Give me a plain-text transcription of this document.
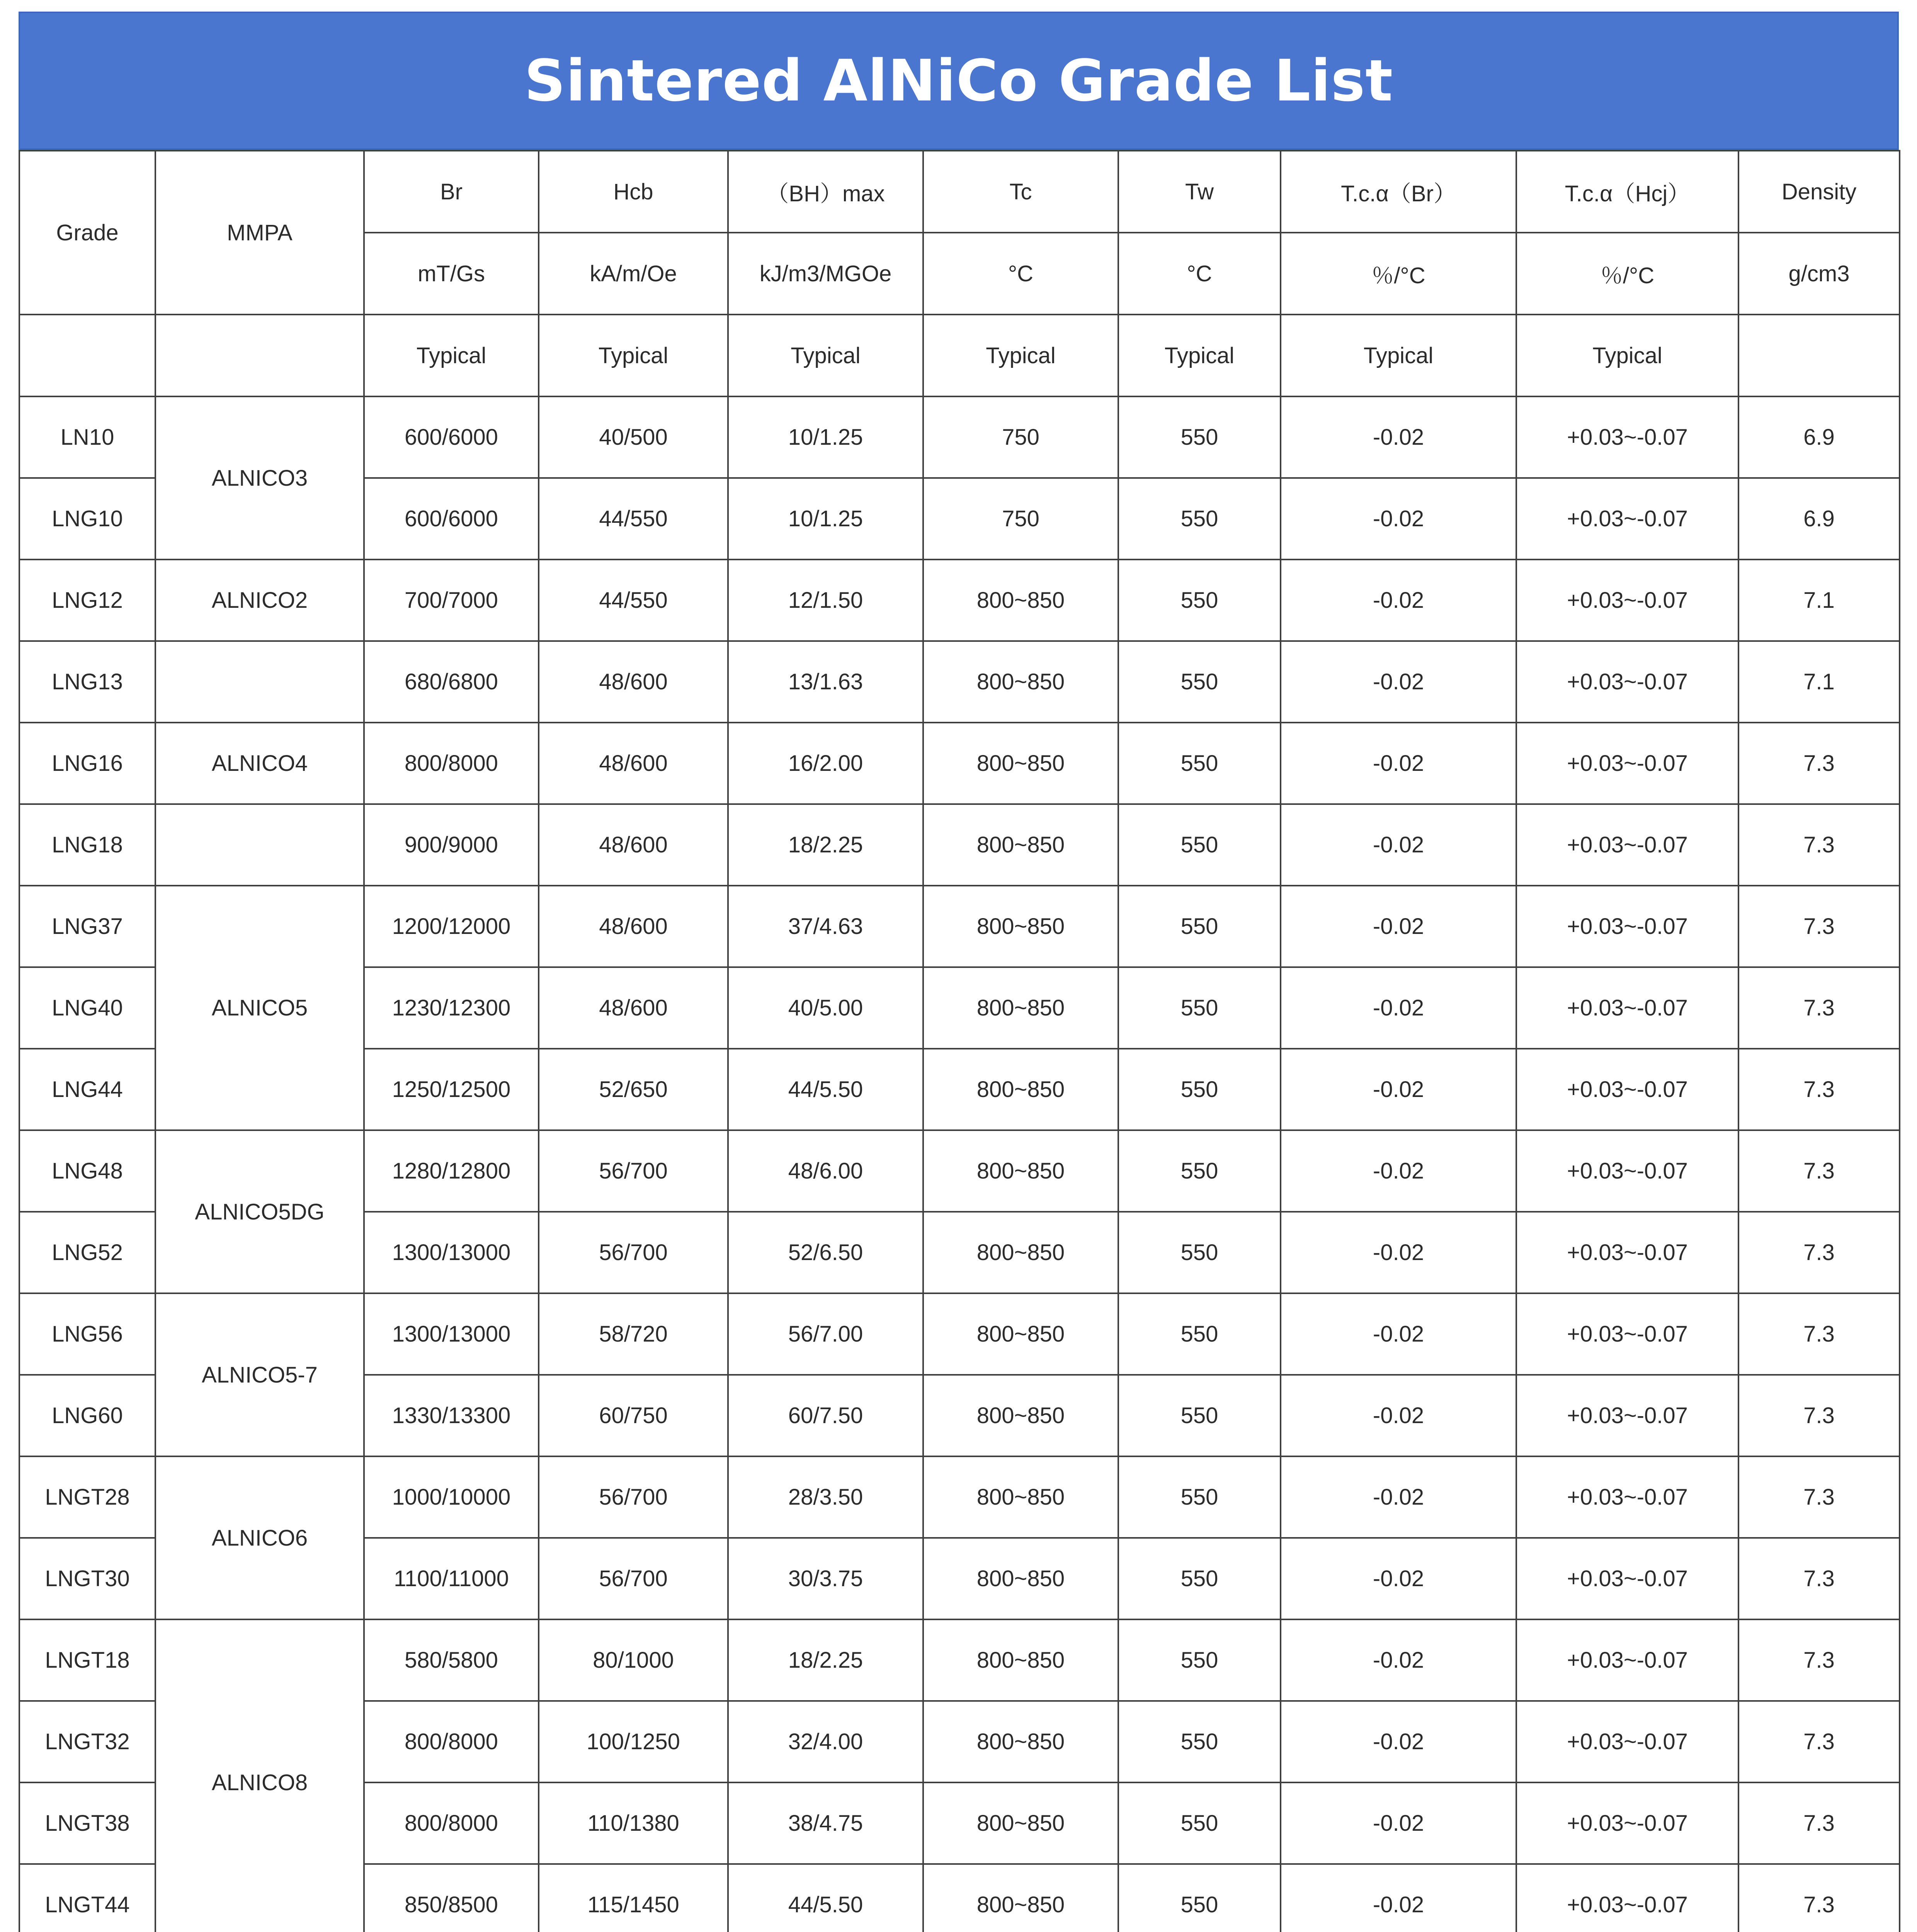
Sintered AlNiCo Grade List
Grade	MMPA	Br	Hcb	（BH）max	Tc	Tw	T.c.α（Br）	T.c.α（Hcj）	Density
		mT/Gs	kA/m/Oe	kJ/m3/MGOe	°C	°C	％/°C	％/°C	g/cm3
		Typical	Typical	Typical	Typical	Typical	Typical	Typical	
LN10	ALNICO3	600/6000	40/500	10/1.25	750	550	-0.02	+0.03~-0.07	6.9
LNG10		600/6000	44/550	10/1.25	750	550	-0.02	+0.03~-0.07	6.9
LNG12	ALNICO2	700/7000	44/550	12/1.50	800~850	550	-0.02	+0.03~-0.07	7.1
LNG13		680/6800	48/600	13/1.63	800~850	550	-0.02	+0.03~-0.07	7.1
LNG16	ALNICO4	800/8000	48/600	16/2.00	800~850	550	-0.02	+0.03~-0.07	7.3
LNG18		900/9000	48/600	18/2.25	800~850	550	-0.02	+0.03~-0.07	7.3
LNG37	ALNICO5	1200/12000	48/600	37/4.63	800~850	550	-0.02	+0.03~-0.07	7.3
LNG40		1230/12300	48/600	40/5.00	800~850	550	-0.02	+0.03~-0.07	7.3
LNG44		1250/12500	52/650	44/5.50	800~850	550	-0.02	+0.03~-0.07	7.3
LNG48	ALNICO5DG	1280/12800	56/700	48/6.00	800~850	550	-0.02	+0.03~-0.07	7.3
LNG52		1300/13000	56/700	52/6.50	800~850	550	-0.02	+0.03~-0.07	7.3
LNG56	ALNICO5-7	1300/13000	58/720	56/7.00	800~850	550	-0.02	+0.03~-0.07	7.3
LNG60		1330/13300	60/750	60/7.50	800~850	550	-0.02	+0.03~-0.07	7.3
LNGT28	ALNICO6	1000/10000	56/700	28/3.50	800~850	550	-0.02	+0.03~-0.07	7.3
LNGT30		1100/11000	56/700	30/3.75	800~850	550	-0.02	+0.03~-0.07	7.3
LNGT18	ALNICO8	580/5800	80/1000	18/2.25	800~850	550	-0.02	+0.03~-0.07	7.3
LNGT32		800/8000	100/1250	32/4.00	800~850	550	-0.02	+0.03~-0.07	7.3
LNGT38		800/8000	110/1380	38/4.75	800~850	550	-0.02	+0.03~-0.07	7.3
LNGT44		850/8500	115/1450	44/5.50	800~850	550	-0.02	+0.03~-0.07	7.3
